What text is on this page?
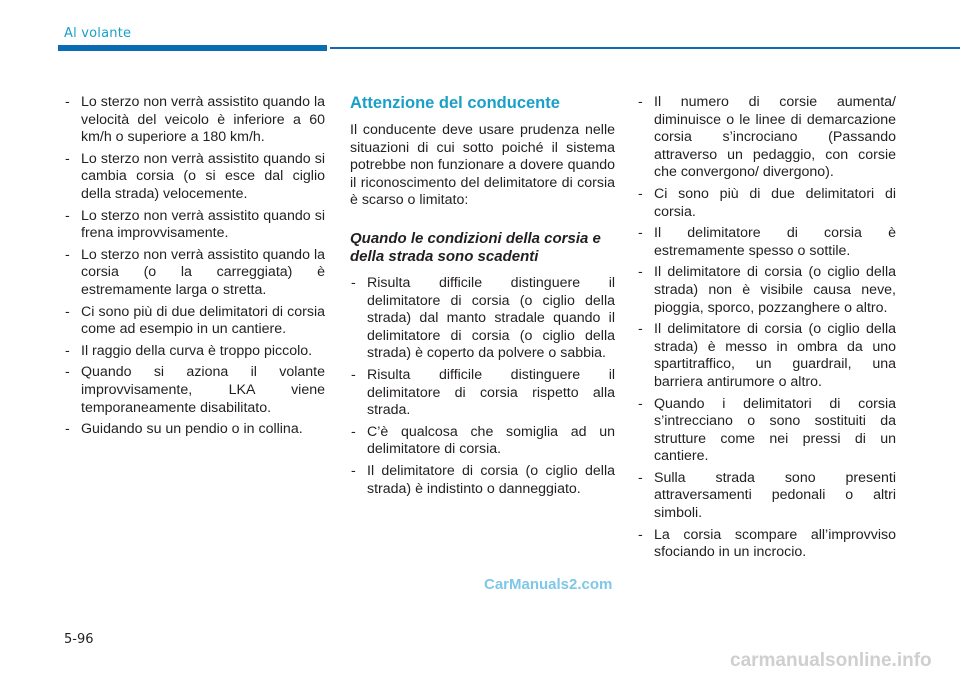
Al volante
- Lo sterzo non verrà assistito quando la velocità del veicolo è inferiore a 60 km/h o superiore a 180 km/h.
- Lo sterzo non verrà assistito quando si cambia corsia (o si esce dal ciglio della strada) velocemente.
- Lo sterzo non verrà assistito quando si frena improvvisamente.
- Lo sterzo non verrà assistito quando la corsia (o la carreggiata) è estremamente larga o stretta.
- Ci sono più di due delimitatori di corsia come ad esempio in un cantiere.
- Il raggio della curva è troppo piccolo.
- Quando si aziona il volante improvvisamente, LKA viene temporaneamente disabilitato.
- Guidando su un pendio o in collina.
Attenzione del conducente

Il conducente deve usare prudenza nelle situazioni di cui sotto poiché il sistema potrebbe non funzionare a dovere quando il riconoscimento del delimitatore di corsia è scarso o limitato:

Quando le condizioni della corsia e della strada sono scadenti
- Risulta difficile distinguere il delimitatore di corsia (o ciglio della strada) dal manto stradale quando il delimitatore di corsia (o ciglio della strada) è coperto da polvere o sabbia.
- Risulta difficile distinguere il delimitatore di corsia rispetto alla strada.
- C’è qualcosa che somiglia ad un delimitatore di corsia.
- Il delimitatore di corsia (o ciglio della strada) è indistinto o danneggiato.
- Il numero di corsie aumenta/ diminuisce o le linee di demarcazione corsia s’incrociano (Passando attraverso un pedaggio, con corsie che convergono/ divergono).
- Ci sono più di due delimitatori di corsia.
- Il delimitatore di corsia è estremamente spesso o sottile.
- Il delimitatore di corsia (o ciglio della strada) non è visibile causa neve, pioggia, sporco, pozzanghere o altro.
- Il delimitatore di corsia (o ciglio della strada) è messo in ombra da uno spartitraffico, un guardrail, una barriera antirumore o altro.
- Quando i delimitatori di corsia s’intrecciano o sono sostituiti da strutture come nei pressi di un cantiere.
- Sulla strada sono presenti attraversamenti pedonali o altri simboli.
- La corsia scompare all’improvviso sfociando in un incrocio.
5-96
CarManuals2.com
carmanualsonline.info
